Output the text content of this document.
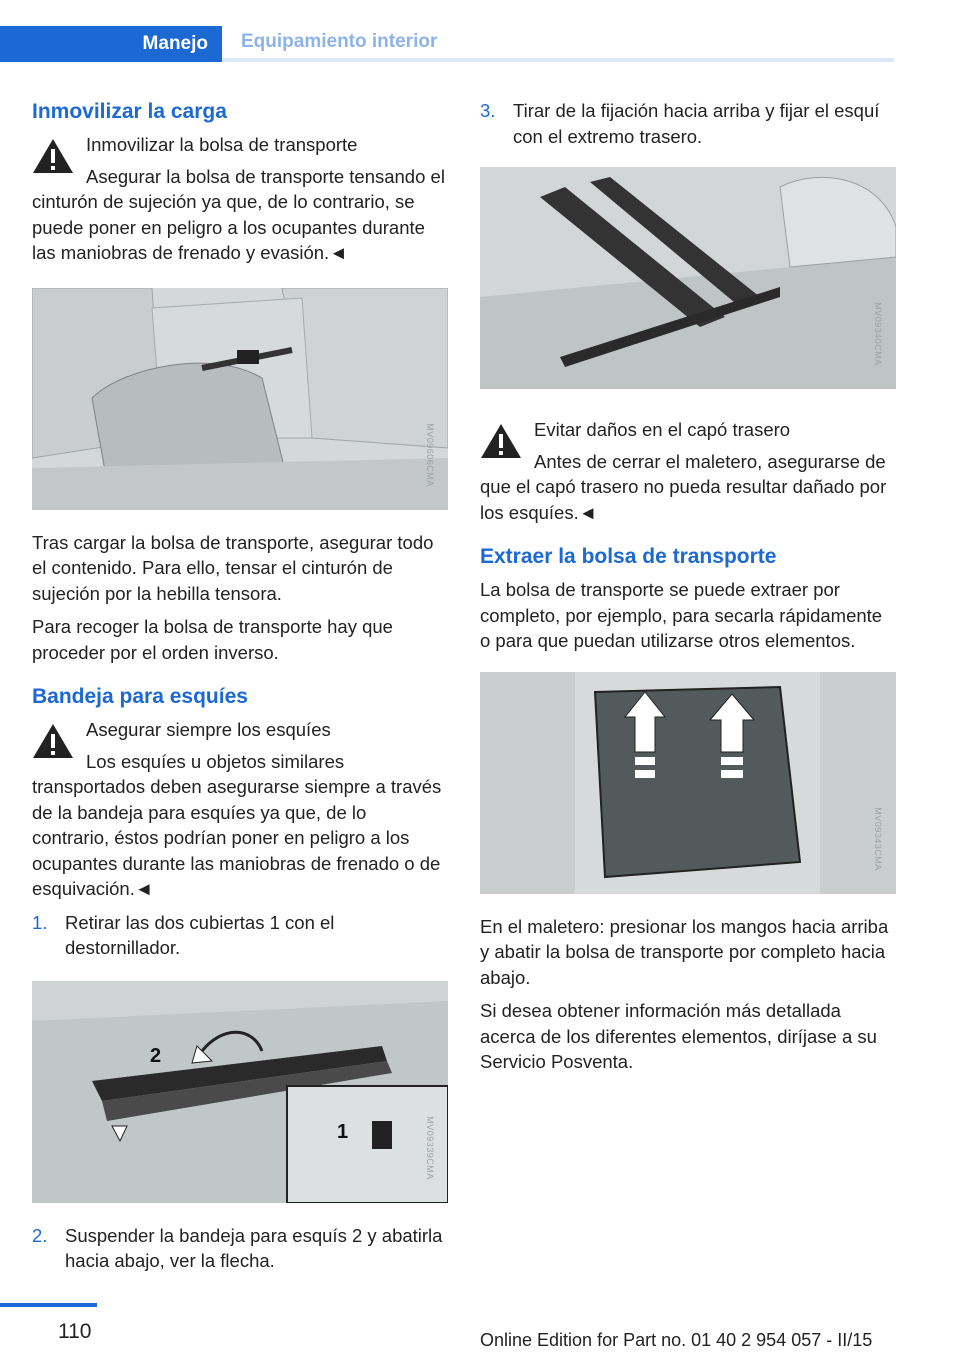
Manejo	Equipamiento interior
Inmovilizar la carga
Inmovilizar la bolsa de transporte
Asegurar la bolsa de transporte tensando el cinturón de sujeción ya que, de lo contrario, se puede poner en peligro a los ocupantes durante las maniobras de frenado y evasión.◄
MV09606CMA

Tras cargar la bolsa de transporte, asegurar todo el contenido. Para ello, tensar el cinturón de sujeción por la hebilla tensora.

Para recoger la bolsa de transporte hay que proceder por el orden inverso.

Bandeja para esquíes
Asegurar siempre los esquíes
Los esquíes u objetos similares transportados deben asegurarse siempre a través de la bandeja para esquíes ya que, de lo contrario, éstos podrían poner en peligro a los ocupantes durante las maniobras de frenado o de esquivación.◄
1. Retirar las dos cubiertas 1 con el destornillador.
2
1	MV09339CMA
2. Suspender la bandeja para esquís 2 y abatirla hacia abajo, ver la flecha.
3. Tirar de la fijación hacia arriba y fijar el esquí con el extremo trasero.
MV09340CMA
Evitar daños en el capó trasero
Antes de cerrar el maletero, asegurarse de que el capó trasero no pueda resultar dañado por los esquíes.◄
Extraer la bolsa de transporte

La bolsa de transporte se puede extraer por completo, por ejemplo, para secarla rápidamente o para que puedan utilizarse otros elementos.

MV09343CMA

En el maletero: presionar los mangos hacia arriba y abatir la bolsa de transporte por completo hacia abajo.

Si desea obtener información más detallada acerca de los diferentes elementos, diríjase a su Servicio Posventa.

110	Online Edition for Part no. 01 40 2 954 057 - II/15
